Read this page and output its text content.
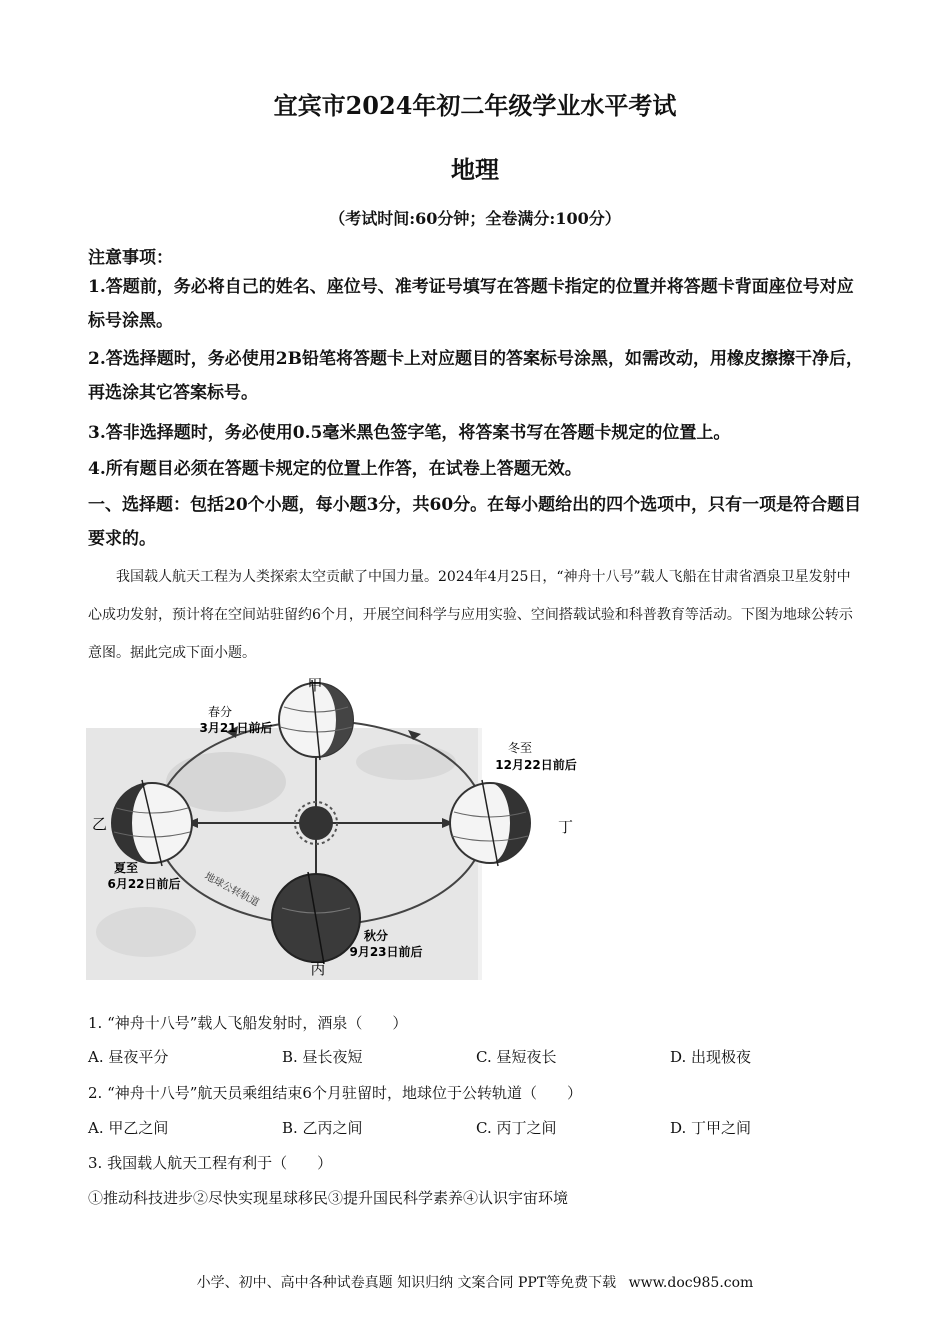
宜宾市2024年初二年级学业水平考试
地理
（考试时间:60分钟；全卷满分:100分）
注意事项：
1.答题前，务必将自己的姓名、座位号、准考证号填写在答题卡指定的位置并将答题卡背面座位号对应标号涂黑。
2.答选择题时，务必使用2B铅笔将答题卡上对应题目的答案标号涂黑，如需改动，用橡皮擦擦干净后，再选涂其它答案标号。
3.答非选择题时，务必使用0.5毫米黑色签字笔，将答案书写在答题卡规定的位置上。
4.所有题目必须在答题卡规定的位置上作答，在试卷上答题无效。
一、选择题：包括20个小题，每小题3分，共60分。在每小题给出的四个选项中，只有一项是符合题目要求的。
我国载人航天工程为人类探索太空贡献了中国力量。2024年4月25日，“神舟十八号”载人飞船在甘肃省酒泉卫星发射中心成功发射，预计将在空间站驻留约6个月，开展空间科学与应用实验、空间搭载试验和科普教育等活动。下图为地球公转示意图。据此完成下面小题。
甲
春分
3月21日前后
冬至
12月22日前后
乙	丁
夏至
6月22日前后
秋分
9月23日前后
丙
地球公转轨道
1. “神舟十八号”载人飞船发射时，酒泉（　　）
A. 昼夜平分	B. 昼长夜短	C. 昼短夜长	D. 出现极夜
2. “神舟十八号”航天员乘组结束6个月驻留时，地球位于公转轨道（　　）
A. 甲乙之间	B. 乙丙之间	C. 丙丁之间	D. 丁甲之间
3. 我国载人航天工程有利于（　　）
①推动科技进步②尽快实现星球移民③提升国民科学素养④认识宇宙环境
小学、初中、高中各种试卷真题 知识归纳 文案合同 PPT等免费下载 www.doc985.com
